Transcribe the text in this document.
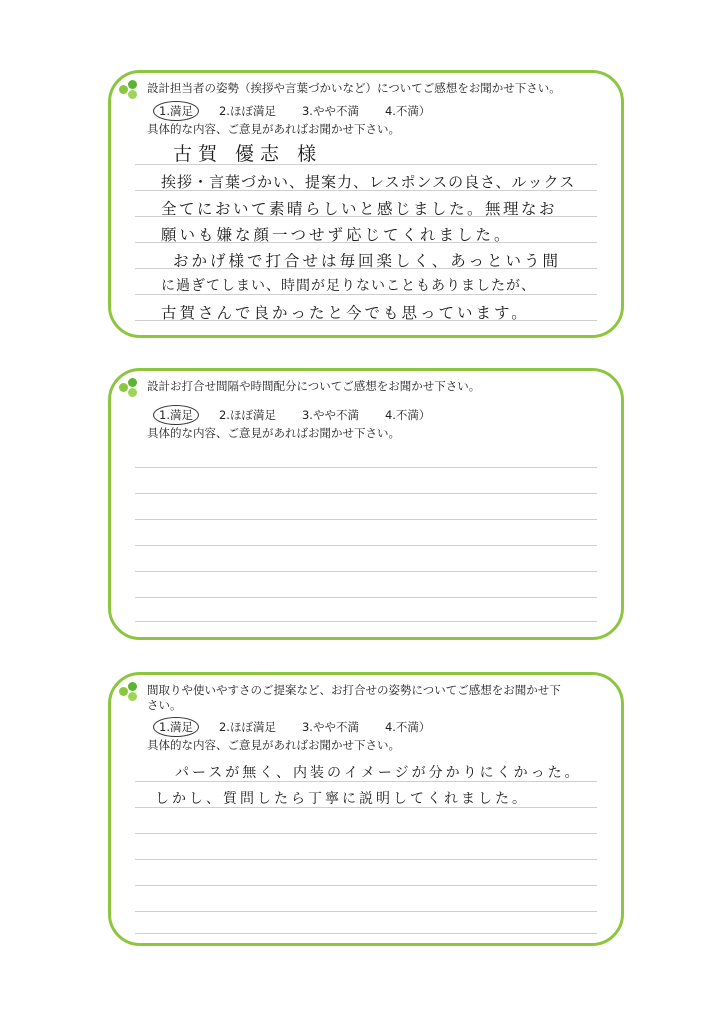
設計担当者の姿勢（挨拶や言葉づかいなど）についてご感想をお聞かせ下さい。
1.満足 2.ほぼ満足 3.やや不満 4.不満）
具体的な内容、ご意見があればお聞かせ下さい。
古賀 優志 様
挨拶・言葉づかい、提案力、レスポンスの良さ、ルックス
全てにおいて素晴らしいと感じました。無理なお
願いも嫌な顔一つせず応じてくれました。
おかげ様で打合せは毎回楽しく、あっという間
に過ぎてしまい、時間が足りないこともありましたが、
古賀さんで良かったと今でも思っています。
設計お打合せ間隔や時間配分についてご感想をお聞かせ下さい。
1.満足 2.ほぼ満足 3.やや不満 4.不満）
具体的な内容、ご意見があればお聞かせ下さい。
間取りや使いやすさのご提案など、お打合せの姿勢についてご感想をお聞かせ下さい。
1.満足 2.ほぼ満足 3.やや不満 4.不満）
具体的な内容、ご意見があればお聞かせ下さい。
パースが無く、内装のイメージが分かりにくかった。
しかし、質問したら丁寧に説明してくれました。
